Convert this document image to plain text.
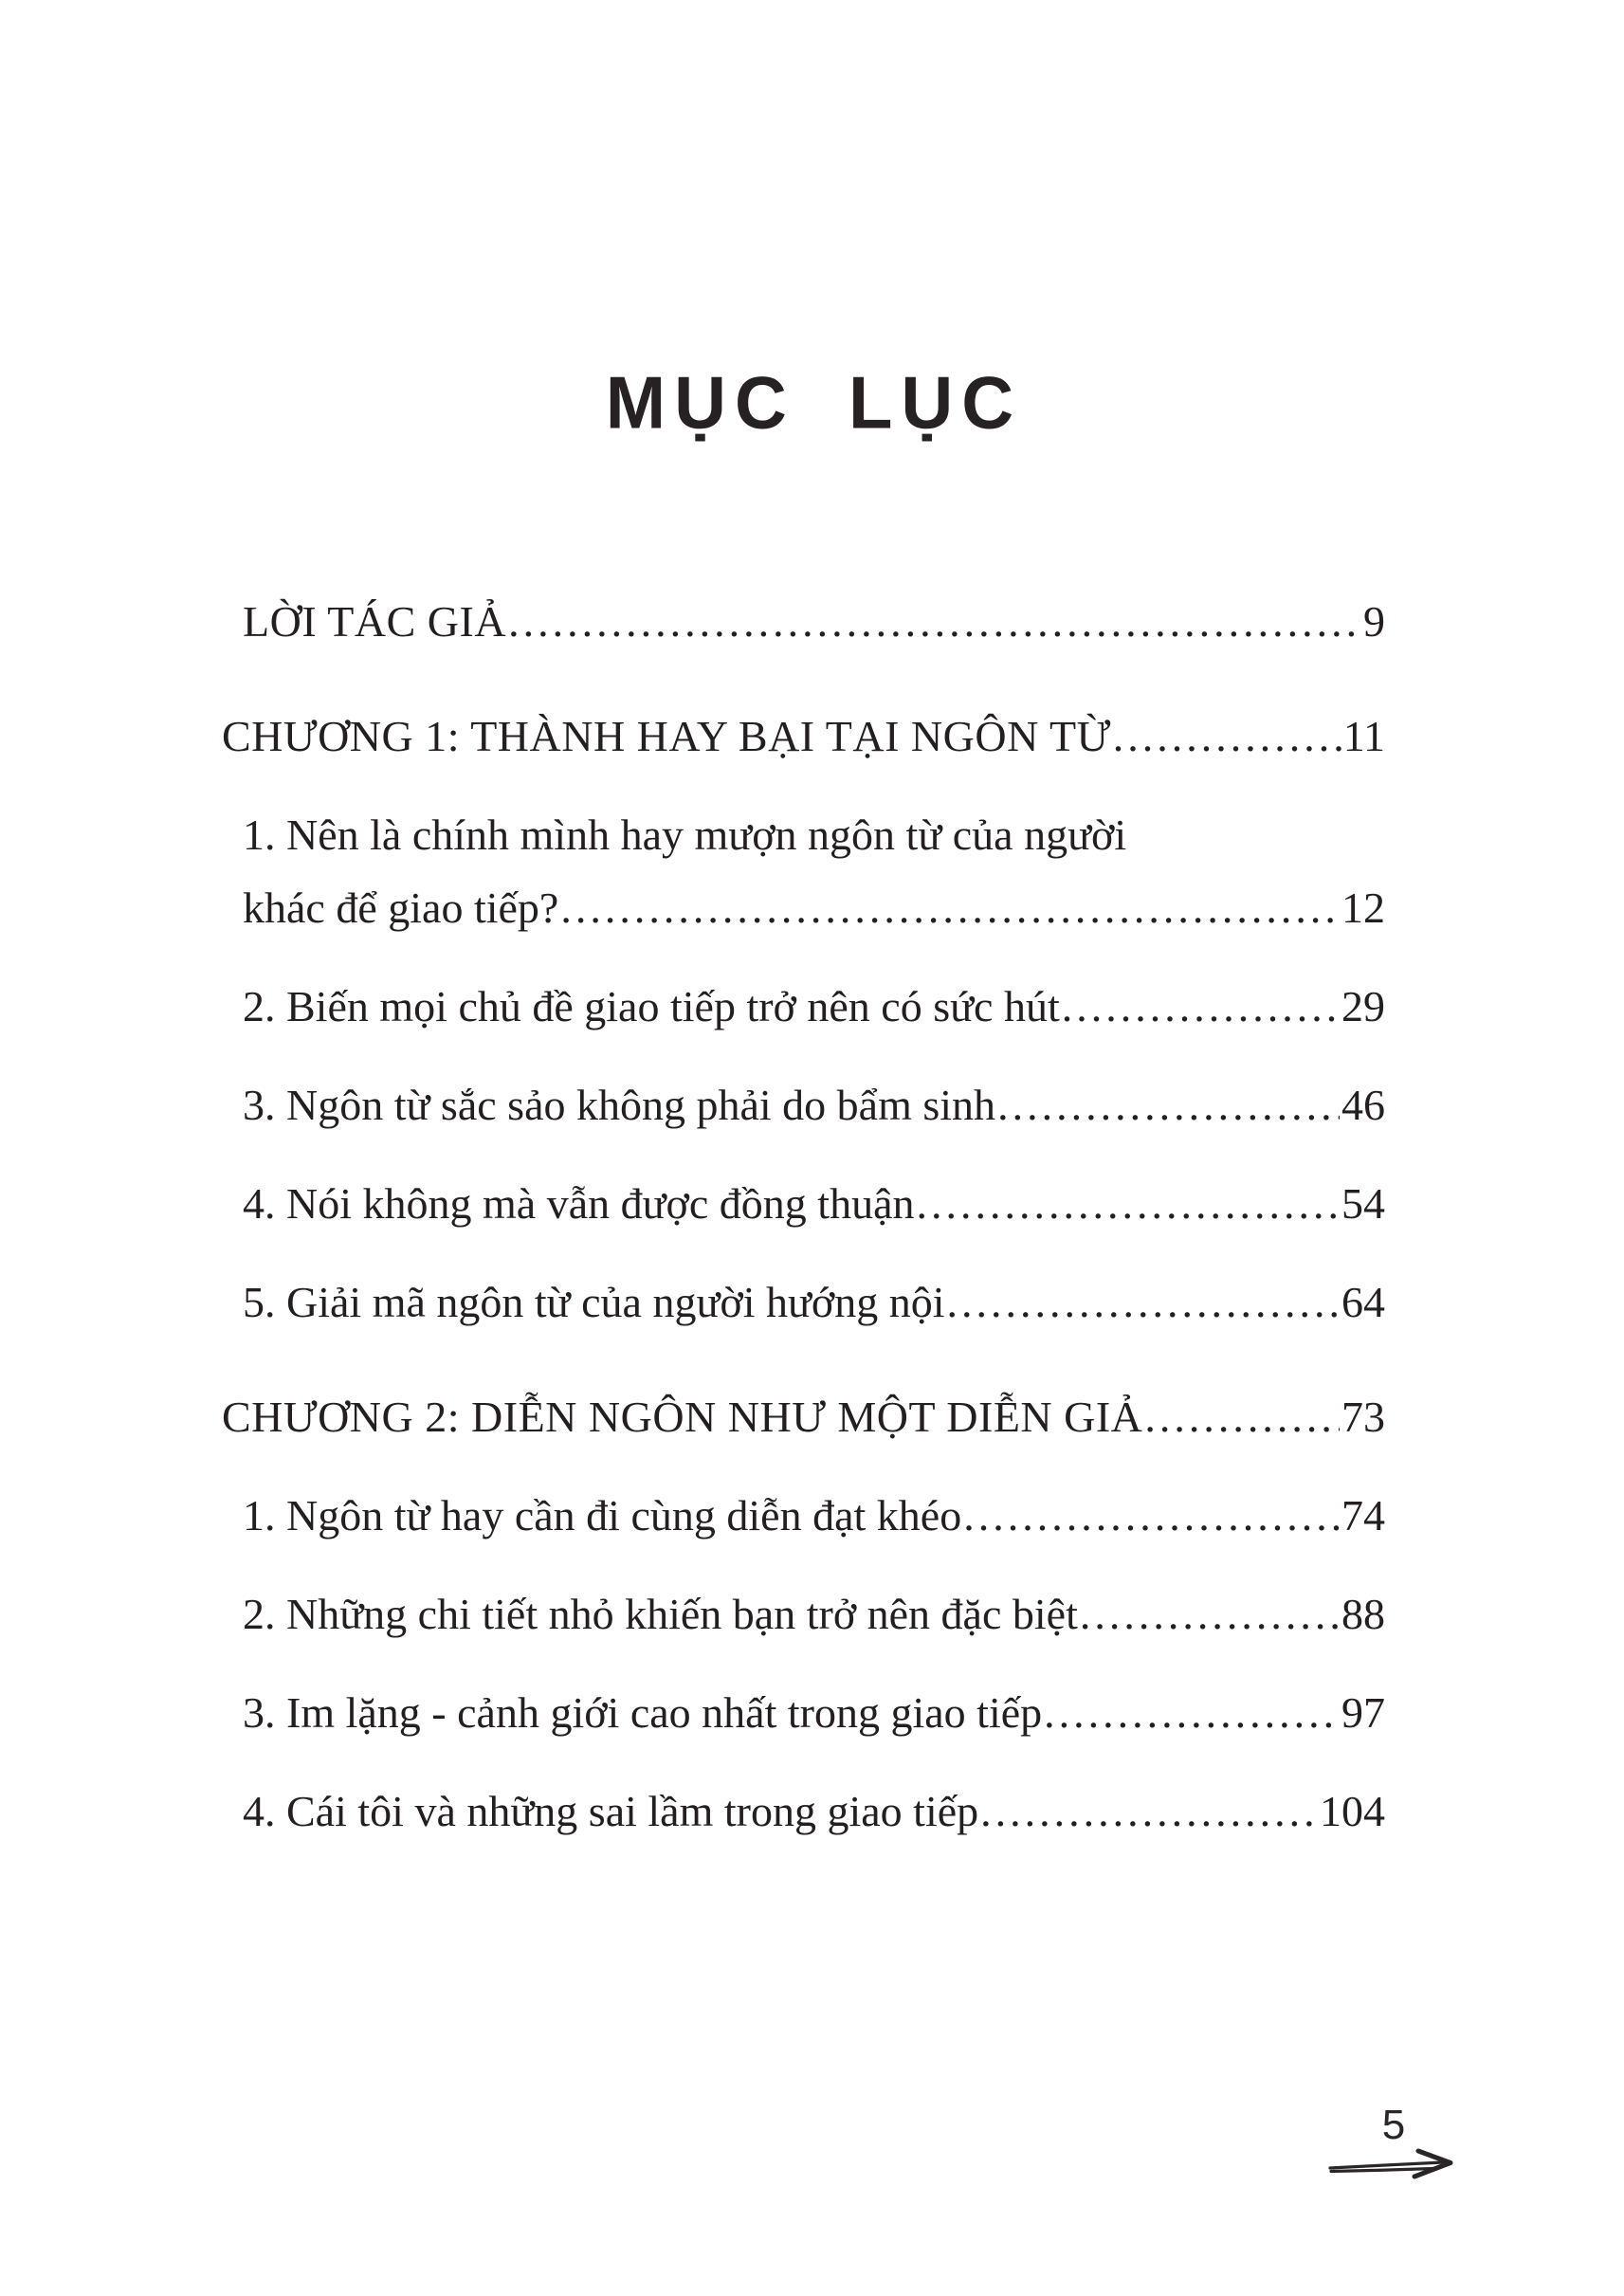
MỤC LỤC
LỜI TÁC GIẢ .....	9
CHƯƠNG 1: THÀNH HAY BẠI TẠI NGÔN TỪ .....	11
1. Nên là chính mình hay mượn ngôn từ của người
khác để giao tiếp? .....	12
2. Biến mọi chủ đề giao tiếp trở nên có sức hút .....	29
3. Ngôn từ sắc sảo không phải do bẩm sinh .....	46
4. Nói không mà vẫn được đồng thuận .....	54
5. Giải mã ngôn từ của người hướng nội .....	64
CHƯƠNG 2: DIỄN NGÔN NHƯ MỘT DIỄN GIẢ .....	73
1. Ngôn từ hay cần đi cùng diễn đạt khéo .....	74
2. Những chi tiết nhỏ khiến bạn trở nên đặc biệt .....	88
3. Im lặng - cảnh giới cao nhất trong giao tiếp .....	97
4. Cái tôi và những sai lầm trong giao tiếp .....	104
5
